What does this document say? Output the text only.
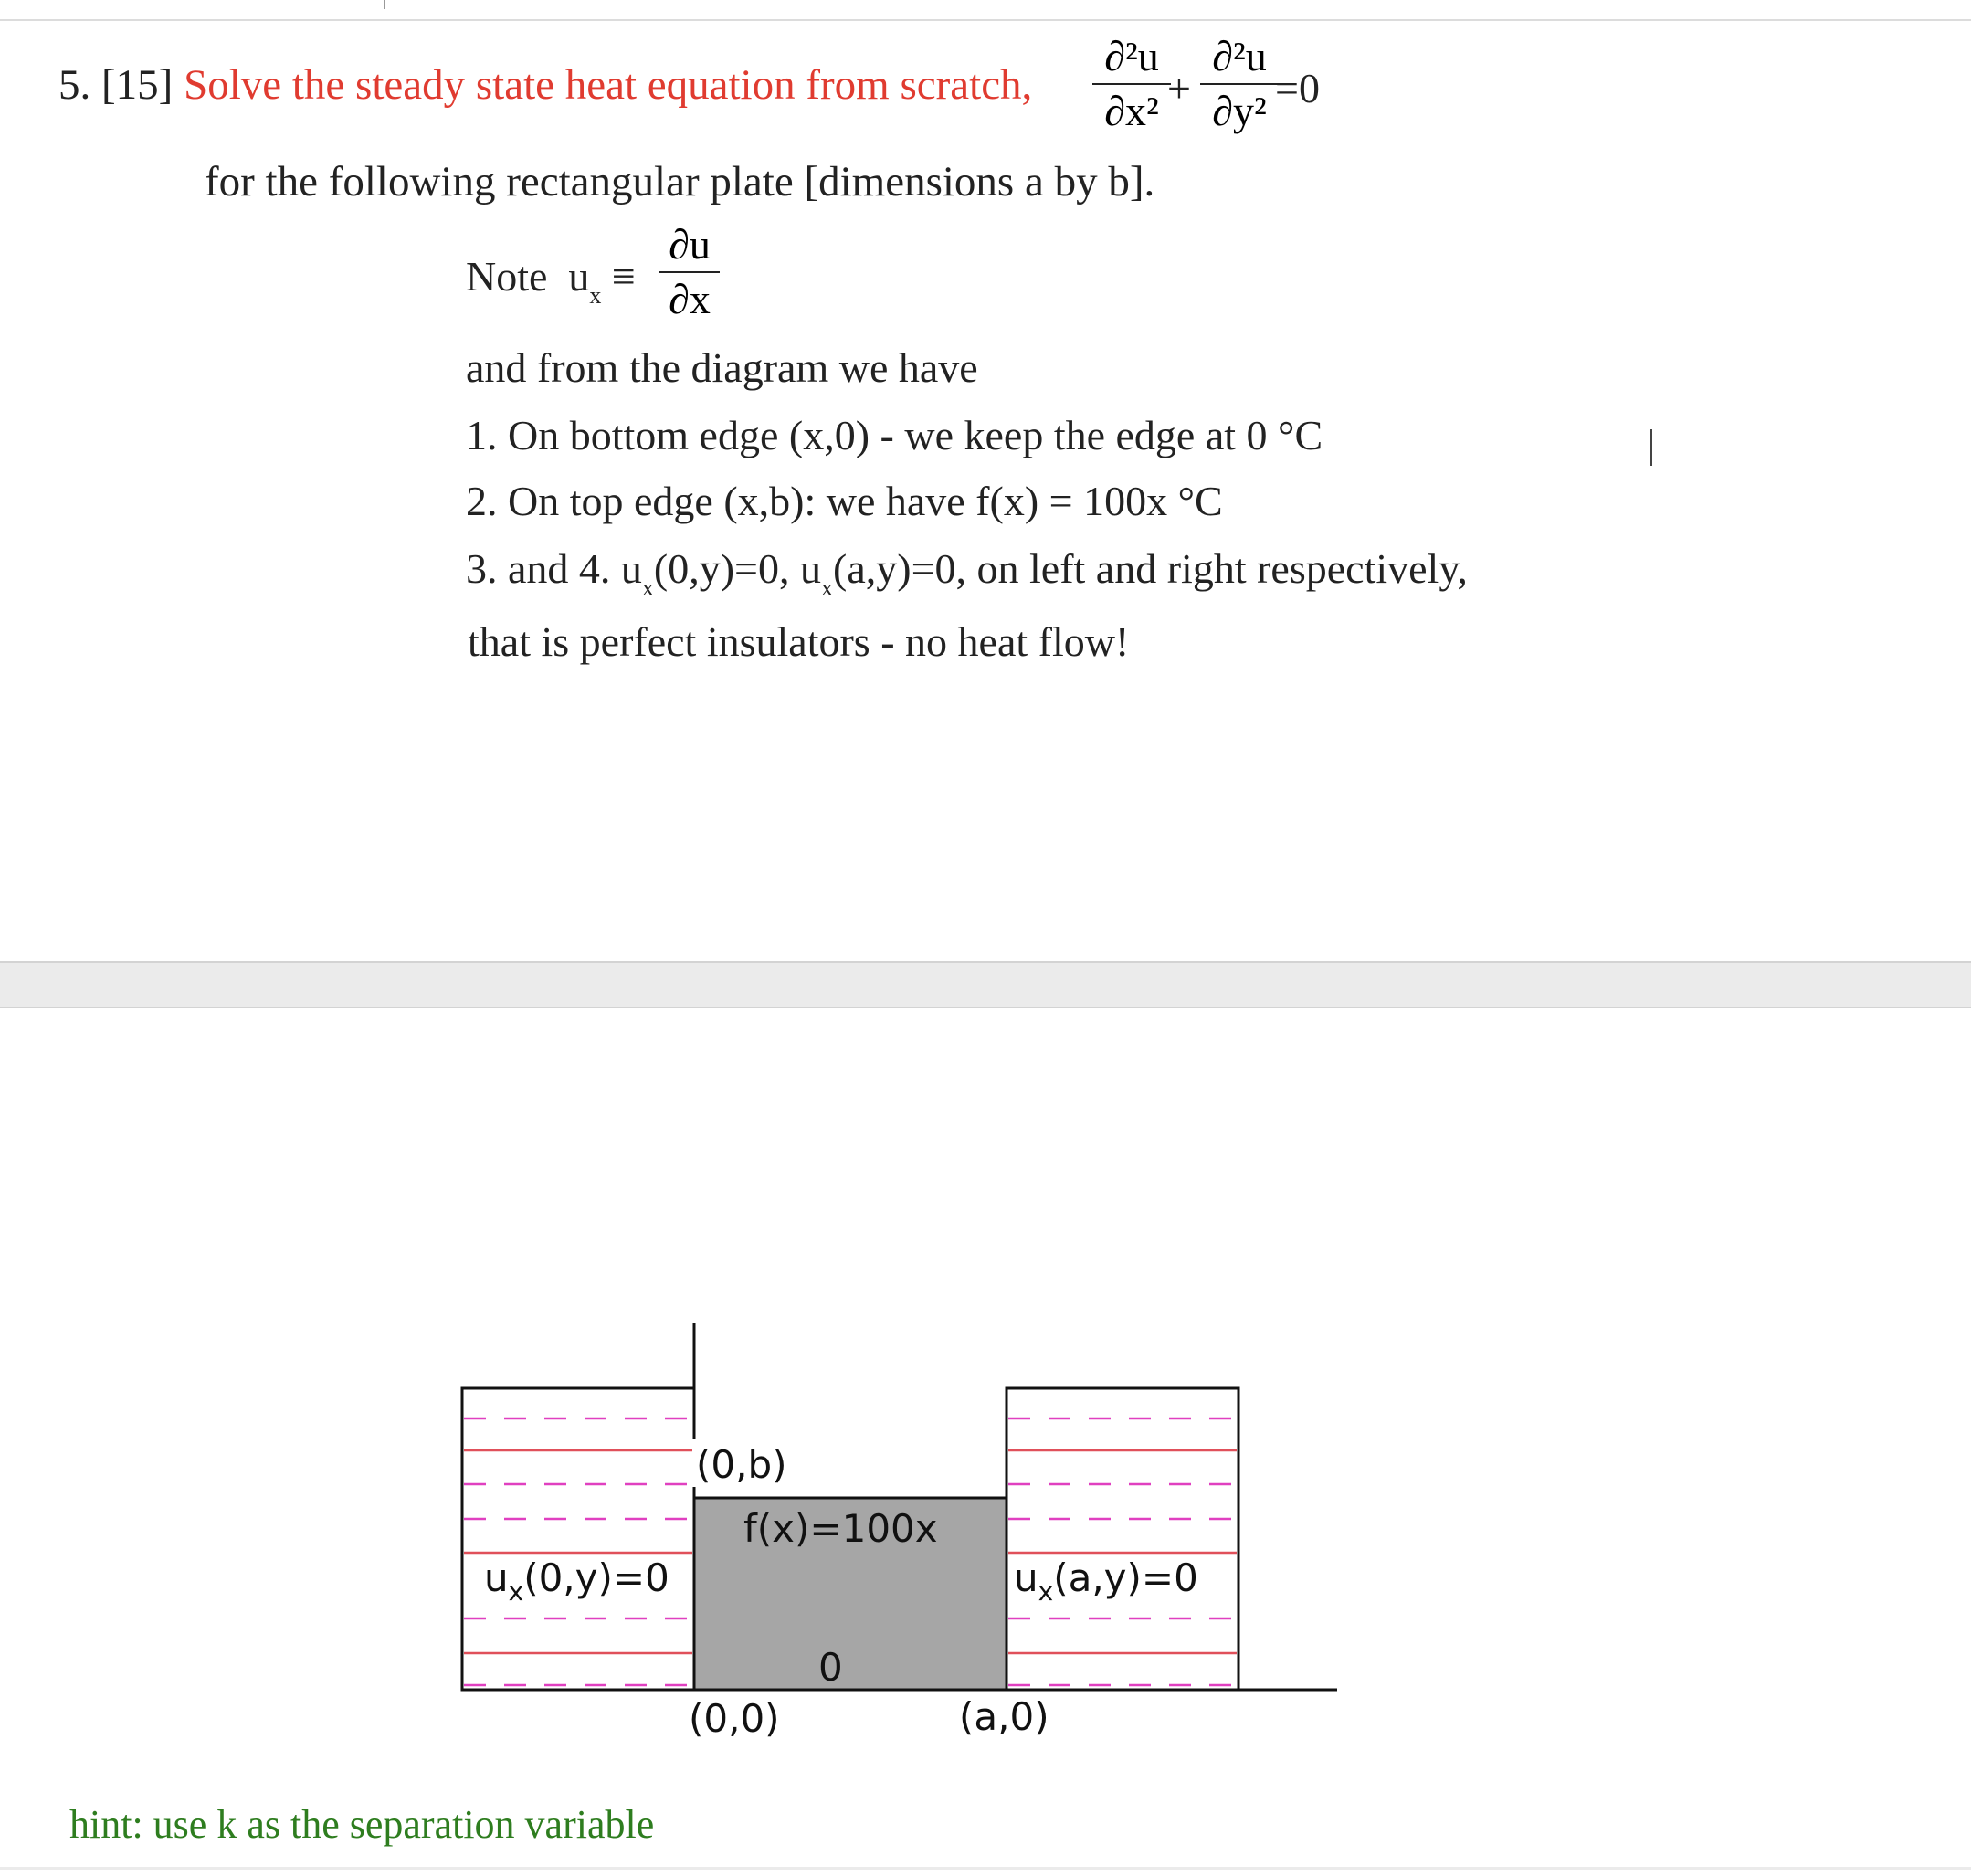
5. [15] Solve the steady state heat equation from scratch,
∂²u
∂x² +
∂²u
∂y² =0
for the following rectangular plate [dimensions a by b].
Note $u_x$ ≡
∂u
∂x
and from the diagram we have
1. On bottom edge (x,0) - we keep the edge at 0 °C
2. On top edge (x,b): we have f(x) = 100x °C
3. and 4. $u_x(0,y)=0$, $u_x(a,y)=0$, on left and right respectively,
that is perfect insulators - no heat flow!
(0,b)
f(x)=100x
$u_x(0,y)=0$	$u_x(a,y)=0$
0
(0,0)	(a,0)
hint: use k as the separation variable
